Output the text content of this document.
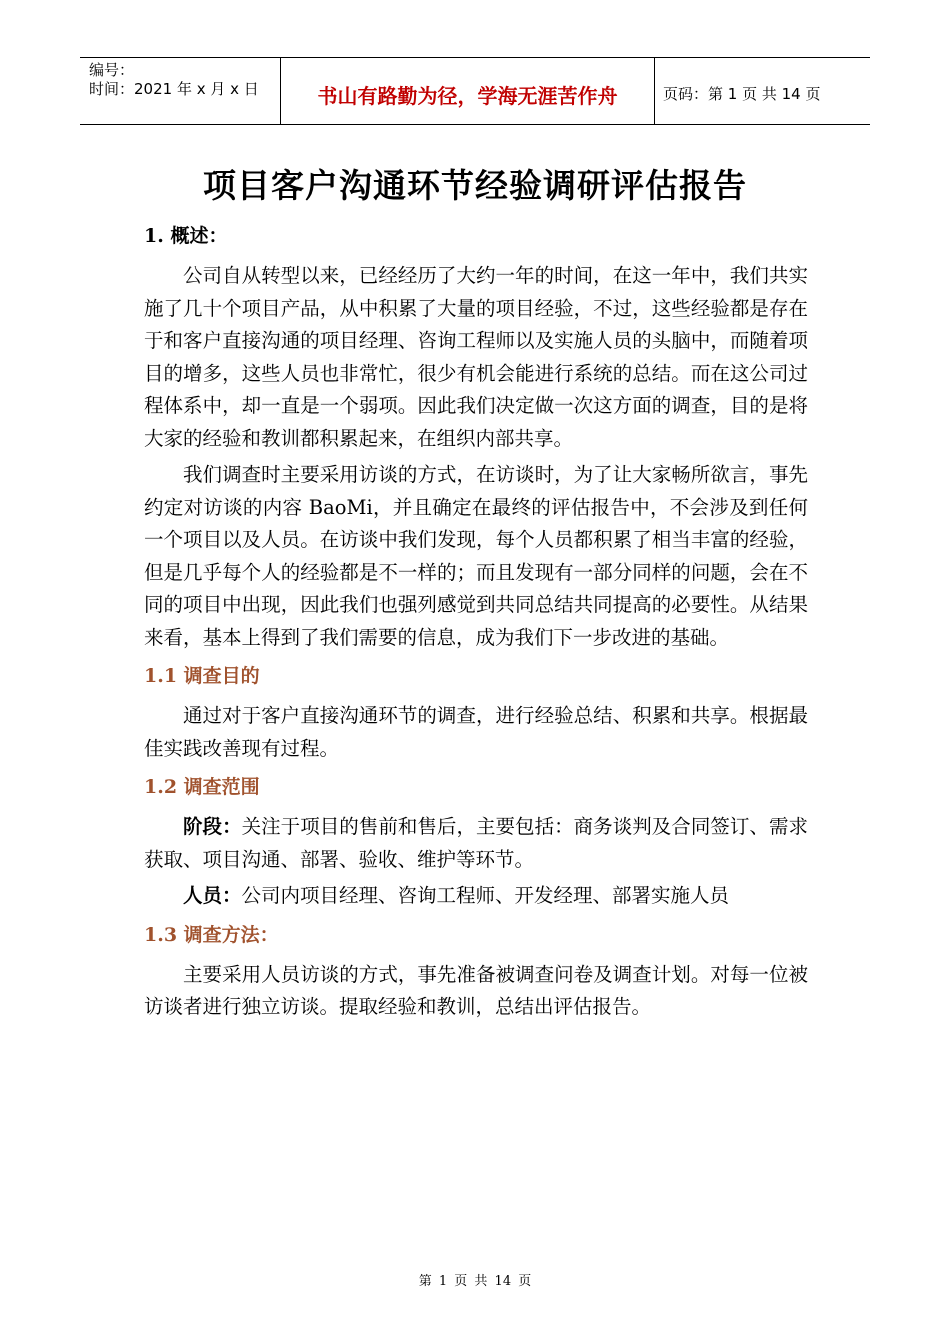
编号：
时间：2021 年 x 月 x 日	书山有路勤为径，学海无涯苦作舟	页码：第 1 页 共 14 页
项目客户沟通环节经验调研评估报告
1. 概述：

公司自从转型以来，已经经历了大约一年的时间，在这一年中，我们共实施了几十个项目产品，从中积累了大量的项目经验，不过，这些经验都是存在于和客户直接沟通的项目经理、咨询工程师以及实施人员的头脑中，而随着项目的增多，这些人员也非常忙，很少有机会能进行系统的总结。而在这公司过程体系中，却一直是一个弱项。因此我们决定做一次这方面的调查，目的是将大家的经验和教训都积累起来，在组织内部共享。

我们调查时主要采用访谈的方式，在访谈时，为了让大家畅所欲言，事先约定对访谈的内容 BaoMi，并且确定在最终的评估报告中，不会涉及到任何一个项目以及人员。在访谈中我们发现，每个人员都积累了相当丰富的经验，但是几乎每个人的经验都是不一样的；而且发现有一部分同样的问题，会在不同的项目中出现，因此我们也强列感觉到共同总结共同提高的必要性。从结果来看，基本上得到了我们需要的信息，成为我们下一步改进的基础。

1.1 调查目的

通过对于客户直接沟通环节的调查，进行经验总结、积累和共享。根据最佳实践改善现有过程。

1.2 调查范围

阶段：关注于项目的售前和售后，主要包括：商务谈判及合同签订、需求获取、项目沟通、部署、验收、维护等环节。

人员：公司内项目经理、咨询工程师、开发经理、部署实施人员

1.3 调查方法：

主要采用人员访谈的方式，事先准备被调查问卷及调查计划。对每一位被访谈者进行独立访谈。提取经验和教训，总结出评估报告。

第 1 页 共 14 页
